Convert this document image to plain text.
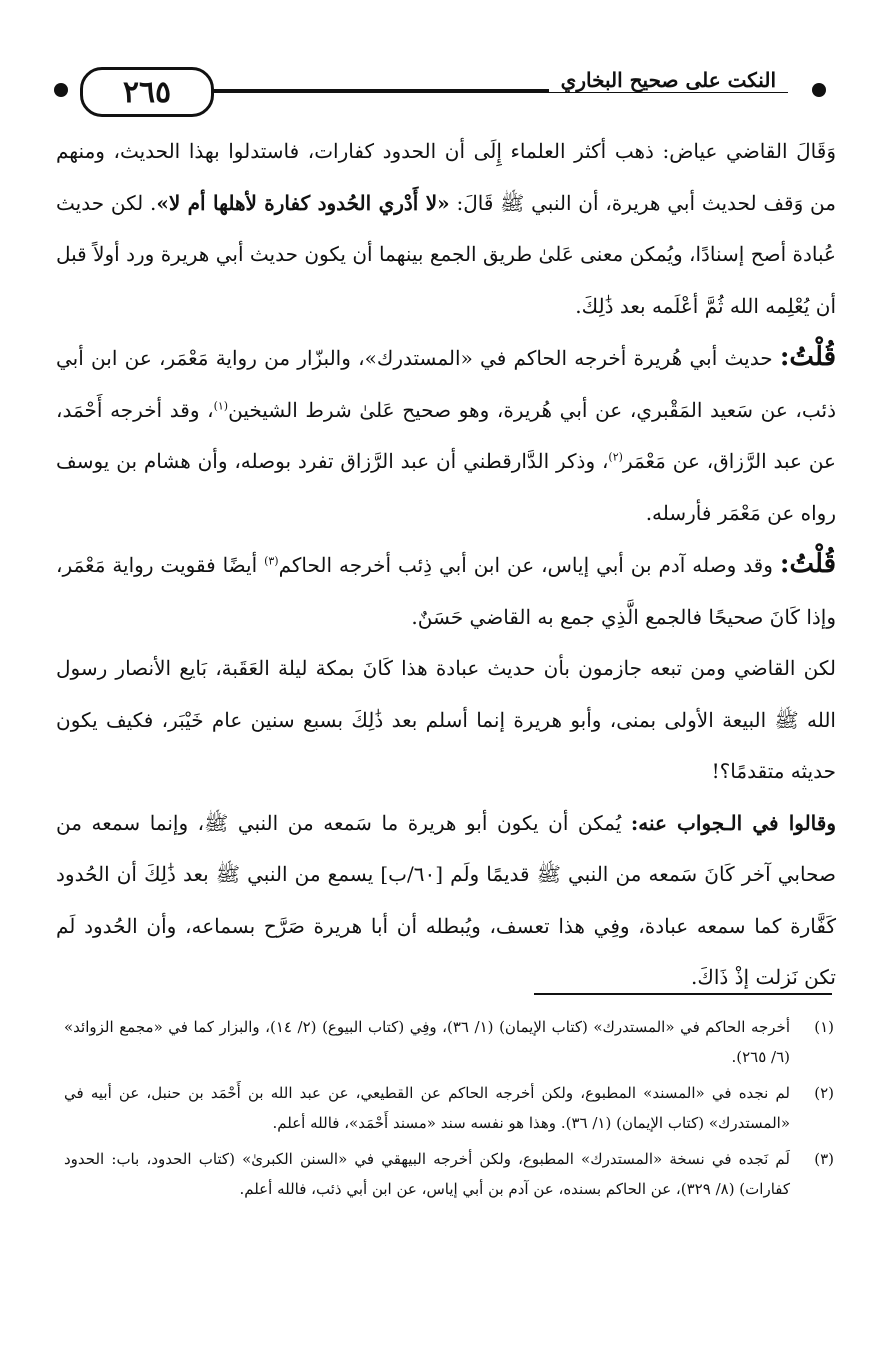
٢٦٥	النكت على صحيح البخاري

وَقَالَ القاضي عياض: ذهب أكثر العلماء إِلَى أن الحدود كفارات، فاستدلوا بهذا الحديث، ومنهم من وَقف لحديث أبي هريرة، أن النبي ﷺ قَالَ: «لا أَدْري الحُدود كفارة لأهلها أم لا». لكن حديث عُبادة أصح إسنادًا، ويُمكن معنى عَلىٰ طريق الجمع بينهما أن يكون حديث أبي هريرة ورد أولاً قبل أن يُعْلِمه الله ثُمَّ أعْلَمه بعد ذَٰلِكَ.

قُلْتُ: حديث أبي هُريرة أخرجه الحاكم في «المستدرك»، والبزّار من رواية مَعْمَر، عن ابن أبي ذئب، عن سَعيد المَقْبري، عن أبي هُريرة، وهو صحيح عَلىٰ شرط الشيخين$^{(١)}$، وقد أخرجه أَحْمَد، عن عبد الرَّزاق، عن مَعْمَر$^{(٢)}$، وذكر الدَّارقطني أن عبد الرَّزاق تفرد بوصله، وأن هشام بن يوسف رواه عن مَعْمَر فأرسله.

قُلْتُ: وقد وصله آدم بن أبي إياس، عن ابن أبي ذِئب أخرجه الحاكم$^{(٣)}$ أيضًا فقويت رواية مَعْمَر، وإذا كَانَ صحيحًا فالجمع الَّذِي جمع به القاضي حَسَنٌ.

لكن القاضي ومن تبعه جازمون بأن حديث عبادة هذا كَانَ بمكة ليلة العَقَبة، بَايع الأنصار رسول الله ﷺ البيعة الأولى بمنى، وأبو هريرة إنما أسلم بعد ذَٰلِكَ بسبع سنين عام خَيْبَر، فكيف يكون حديثه متقدمًا؟!

وقالوا في الـجواب عنه: يُمكن أن يكون أبو هريرة ما سَمعه من النبي ﷺ، وإنما سمعه من صحابي آخر كَانَ سَمعه من النبي ﷺ قديمًا ولَم [٦٠/ب] يسمع من النبي ﷺ بعد ذَٰلِكَ أن الحُدود كَفَّارة كما سمعه عبادة، وفِي هذا تعسف، ويُبطله أن أبا هريرة صَرَّح بسماعه، وأن الحُدود لَم تكن نَزلت إذْ ذَاكَ.

(١)
أخرجه الحاكم في «المستدرك» (كتاب الإيمان) (١/ ٣٦)، وفِي (كتاب البيوع) (٢/ ١٤)، والبزار كما في «مجمع الزوائد» (٦/ ٢٦٥).
(٢)
لم نجده في «المسند» المطبوع، ولكن أخرجه الحاكم عن القطيعي، عن عبد الله بن أَحْمَد بن حنبل، عن أبيه في «المستدرك» (كتاب الإيمان) (١/ ٣٦). وهذا هو نفسه سند «مسند أَحْمَد»، فالله أعلم.
(٣)
لَم نَجده في نسخة «المستدرك» المطبوع، ولكن أخرجه البيهقي في «السنن الكبرىٰ» (كتاب الحدود، باب: الحدود كفارات) (٨/ ٣٢٩)، عن الحاكم بسنده، عن آدم بن أبي إياس، عن ابن أبي ذئب، فالله أعلم.
